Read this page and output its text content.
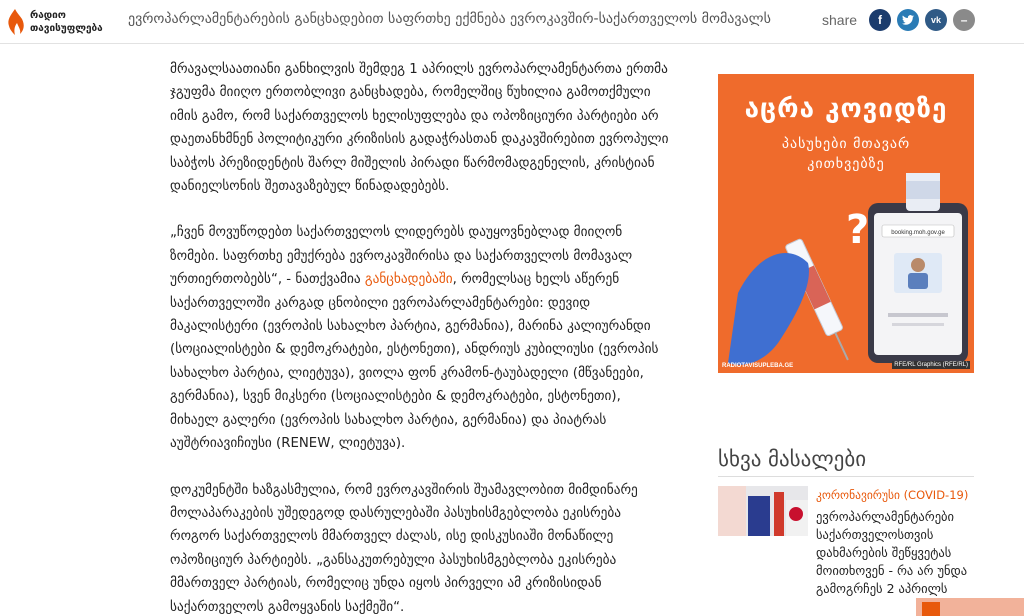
რადიო
თავისუფლება
ევროპარლამენტარების განცხადებით საფრთხე ექმნება ევროკავშირ-საქართველოს მომავალს	share f	vk –

მრავალსაათიანი განხილვის შემდეგ 1 აპრილს ევროპარლამენტართა ერთმა ჯგუფმა მიიღო ერთობლივი განცხადება, რომელშიც წუხილია გამოთქმული იმის გამო, რომ საქართველოს ხელისუფლება და ოპოზიციური პარტიები არ დაეთანხმნენ პოლიტიკური კრიზისის გადაჭრასთან დაკავშირებით ევროპული საბჭოს პრეზიდენტის შარლ მიშელის პირადი წარმომადგენელის, კრისტიან დანიელსონის შეთავაზებულ წინადადებებს.

„ჩვენ მოვუწოდებთ საქართველოს ლიდერებს დაუყოვნებლად მიიღონ ზომები. საფრთხე ემუქრება ევროკავშირისა და საქართველოს მომავალ ურთიერთობებს“, - ნათქვამია განცხადებაში, რომელსაც ხელს აწერენ საქართველოში კარგად ცნობილი ევროპარლამენტარები: დევიდ მაკალისტერი (ევროპის სახალხო პარტია, გერმანია), მარინა კალიურანდი (სოციალისტები & დემოკრატები, ესტონეთი), ანდრიუს კუბილიუსი (ევროპის სახალხო პარტია, ლიეტუვა), ვიოლა ფონ კრამონ-ტაუბადელი (მწვანეები, გერმანია), სვენ მიკსერი (სოციალისტები & დემოკრატები, ესტონეთი), მიხაელ გალერი (ევროპის სახალხო პარტია, გერმანია) და პიატრას აუშტრიავიჩიუსი (RENEW, ლიეტუვა).

დოკუმენტში ხაზგასმულია, რომ ევროკავშირის შუამავლობით მიმდინარე მოლაპარაკების უშედეგოდ დასრულებაში პასუხისმგებლობა ეკისრება როგორ საქართველოს მმართველ ძალას, ისე დისკუსიაში მონაწილე ოპოზიციურ პარტიებს. „განსაკუთრებული პასუხისმგებლობა ეკისრება მმართველ პარტიას, რომელიც უნდა იყოს პირველი ამ კრიზისიდან საქართველოს გამოყვანის საქმეში“.

აცრა კოვიდზე
პასუხები მთავარ
კითხვებზე
booking.moh.gov.ge
?
RADIOTAVISUPLEBA.GE	RFE/RL Graphics (RFE/RL)
სხვა მასალები
კორონავირუსი (COVID-19)
ევროპარლამენტარები საქართველოსთვის დახმარების შეწყვეტას მოითხოვენ - რა არ უნდა გამოგრჩეს 2 აპრილს
